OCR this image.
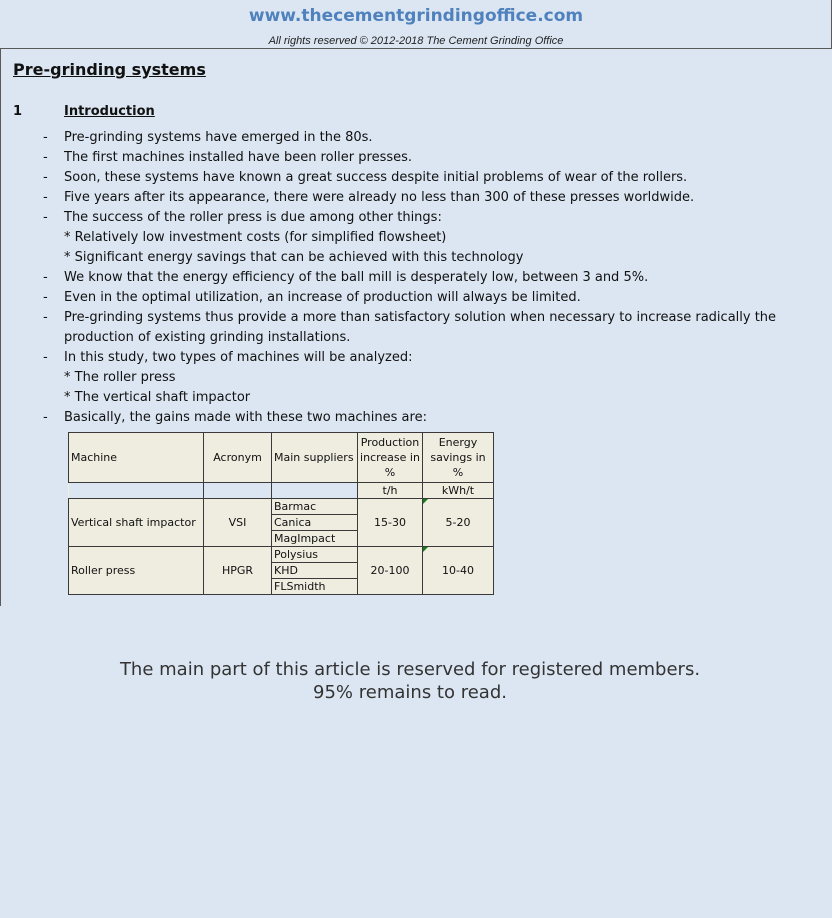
www.thecementgrindingoffice.com
All rights reserved © 2012-2018 The Cement Grinding Office
Pre-grinding systems
1	Introduction
Pre-grinding systems have emerged in the 80s.
The first machines installed have been roller presses.
Soon, these systems have known a great success despite initial problems of wear of the rollers.
Five years after its appearance, there were already no less than 300 of these presses worldwide.
The success of the roller press is due among other things:
* Relatively low investment costs (for simplified flowsheet)
* Significant energy savings that can be achieved with this technology
We know that the energy efficiency of the ball mill is desperately low, between 3 and 5%.
Even in the optimal utilization, an increase of production will always be limited.
Pre-grinding systems thus provide a more than satisfactory solution when necessary to increase radically the
production of existing grinding installations.
In this study, two types of machines will be analyzed:
* The roller press
* The vertical shaft impactor
Basically, the gains made with these two machines are:
Machine	Acronym	Main suppliers	Production increase in %	Energy savings in %
			t/h	kWh/t
Vertical shaft impactor	VSI	Barmac	15-30	5-20
		Canica		
		MagImpact		
Roller press	HPGR	Polysius	20-100	10-40
		KHD		
		FLSmidth		
The main part of this article is reserved for registered members.
95% remains to read.
-
-
-
-
-
-
-
-
-
-
